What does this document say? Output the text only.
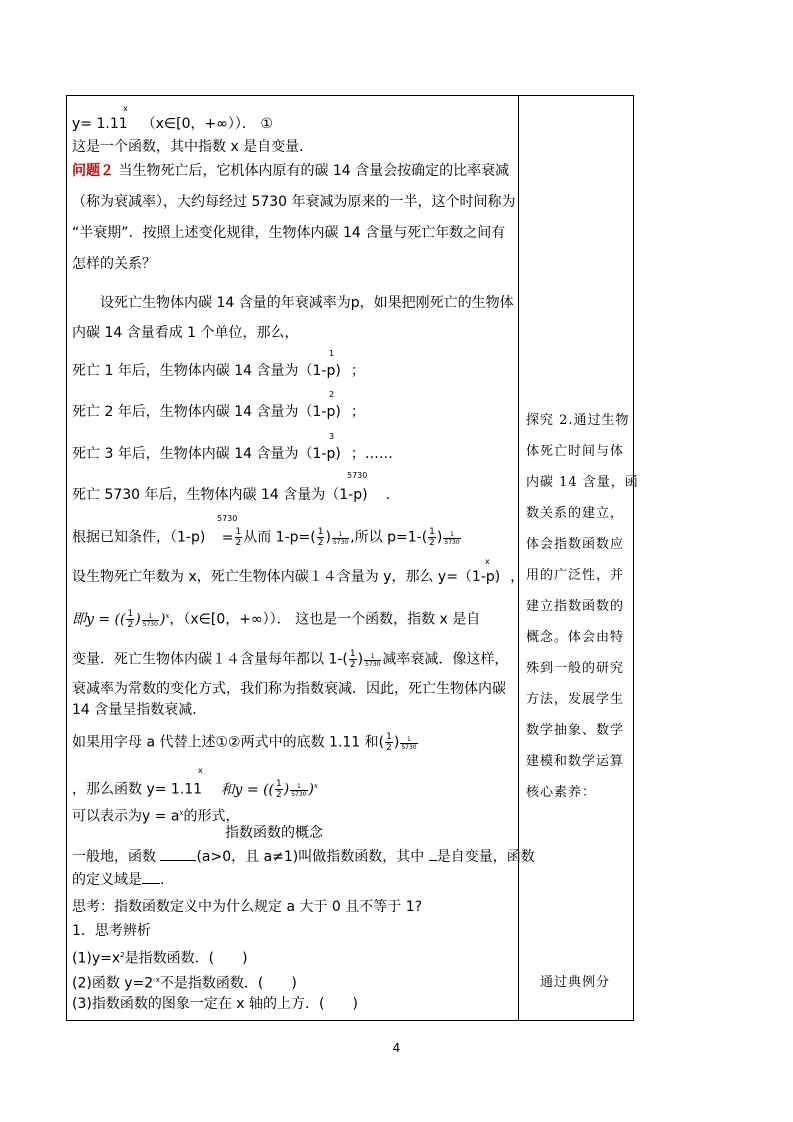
y= 1.11
x
（x∈[0，+∞））． ①
这是一个函数，其中指数 x 是自变量．
问题２ 当生物死亡后，它机体内原有的碳 14 含量会按确定的比率衰减
（称为衰减率），大约每经过 5730 年衰减为原来的一半，这个时间称为
“半衰期”．按照上述变化规律，生物体内碳 14 含量与死亡年数之间有
怎样的关系？
设死亡生物体内碳 14 含量的年衰减率为p，如果把刚死亡的生物体
内碳 14 含量看成 1 个单位，那么，
死亡 1 年后，生物体内碳 14 含量为（1-p)
1
；
死亡 2 年后，生物体内碳 14 含量为（1-p)
2
；
死亡 3 年后，生物体内碳 14 含量为（1-p)
3
；……
死亡 5730 年后，生物体内碳 14 含量为（1-p)
5730
．
根据已知条件，（1-p)
5730
= $\frac{1}{2}$ 从而 $1-p=( \frac{1}{2}$ ) $\frac{1}{5730}$ ,所以 $p=1-( \frac{1}{2}$ ) $\frac{1}{5730}$
设生物死亡年数为 x，死亡生物体内碳１４含量为 y，那么 y=（1-p)
x
，
即y = (( $\frac{1}{2}$ ) $\frac{1}{5730} )^x$，（x∈[0，+∞））． 这也是一个函数，指数 x 是自
变量．死亡生物体内碳１４含量每年都以 $1-( \frac{1}{2}$ ) $\frac{1}{5730}$ 减率衰减．像这样，
衰减率为常数的变化方式，我们称为指数衰减．因此，死亡生物体内碳
14 含量呈指数衰减．
如果用字母 a 代替上述①②两式中的底数 1.11 和( $\frac{1}{2}$ ) $\frac{1}{5730}$
，那么函数 y= 1.11
x
和y = (( $\frac{1}{2}$ ) $\frac{1}{5730} )^x$
可以表示为$y = a^x$的形式，
指数函数的概念
一般地，函数	(a>0，且 a≠1)叫做指数函数，其中 是自变量，函数
的定义域是 .
思考：指数函数定义中为什么规定 a 大于 0 且不等于 1?
1．思考辨析
$(1)y=x^2$是指数函数．(　　)
(2)函数 $y=2^{-x}$不是指数函数．(　　)
(3)指数函数的图象一定在 x 轴的上方．(　　)
探究 2.通过生物
体死亡时间与体
内碳 14 含量，函
数关系的建立，
体会指数函数应
用的广泛性，并
建立指数函数的
概念。体会由特
殊到一般的研究
方法，发展学生
数学抽象、数学
建模和数学运算
核心素养：
通过典例分
4
